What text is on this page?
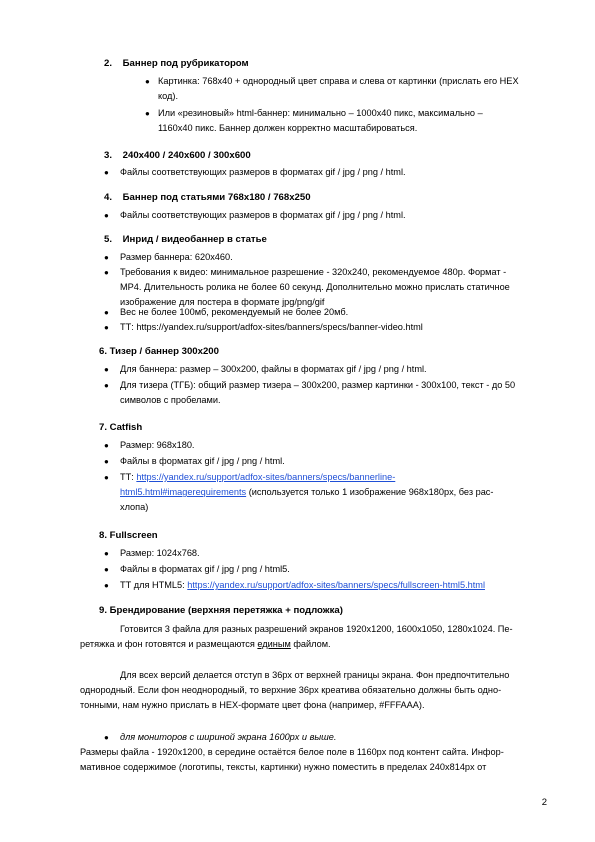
2.    Баннер под рубрикатором
● Картинка: 768x40 + однородный цвет справа и слева от картинки (прислать его HEX
код).
● Или «резиновый» html-баннер: минимально – 1000x40 пикс, максимально –
1160x40 пикс. Баннер должен корректно масштабироваться.
3.    240x400 / 240x600 / 300x600
● Файлы соответствующих размеров в форматах gif / jpg / png / html.
4.    Баннер под статьями 768x180 / 768x250
● Файлы соответствующих размеров в форматах gif / jpg / png / html.
5.    Инрид / видеобаннер в статье
● Размер баннера: 620x460.
● Требования к видео: минимальное разрешение - 320x240, рекомендуемое 480p. Формат -
MP4. Длительность ролика не более 60 секунд. Дополнительно можно прислать статичное
изображение для постера в формате jpg/png/gif
● Вес не более 100мб, рекомендуемый не более 20мб.
● ТТ: https://yandex.ru/support/adfox-sites/banners/specs/banner-video.html
6. Тизер / баннер 300x200
● Для баннера: размер – 300x200, файлы в форматах gif / jpg / png / html.
● Для тизера (ТГБ): общий размер тизера – 300x200, размер картинки - 300x100, текст - до 50
символов с пробелами.
7. Catfish
● Размер: 968x180.
● Файлы в форматах gif / jpg / png / html.
● ТТ: https://yandex.ru/support/adfox-sites/banners/specs/bannerline-
html5.html#imagerequirements (используется только 1 изображение 968x180px, без рас-
хлопа)
8. Fullscreen
● Размер: 1024x768.
● Файлы в форматах gif / jpg / png / html5.
● ТТ для HTML5: https://yandex.ru/support/adfox-sites/banners/specs/fullscreen-html5.html
9. Брендирование (верхняя перетяжка + подложка)
Готовится 3 файла для разных разрешений экранов 1920x1200, 1600x1050, 1280x1024. Пе-
ретяжка и фон готовятся и размещаются единым файлом.
Для всех версий делается отступ в 36px от верхней границы экрана. Фон предпочтительно
однородный. Если фон неоднородный, то верхние 36px креатива обязательно должны быть одно-
тонными, нам нужно прислать в HEX-формате цвет фона (например, #FFFAAA).
● для мониторов с шириной экрана 1600px и выше.
Размеры файла - 1920x1200, в середине остаётся белое поле в 1160px под контент сайта. Инфор-
мативное содержимое (логотипы, тексты, картинки) нужно поместить в пределах 240x814px от
2
